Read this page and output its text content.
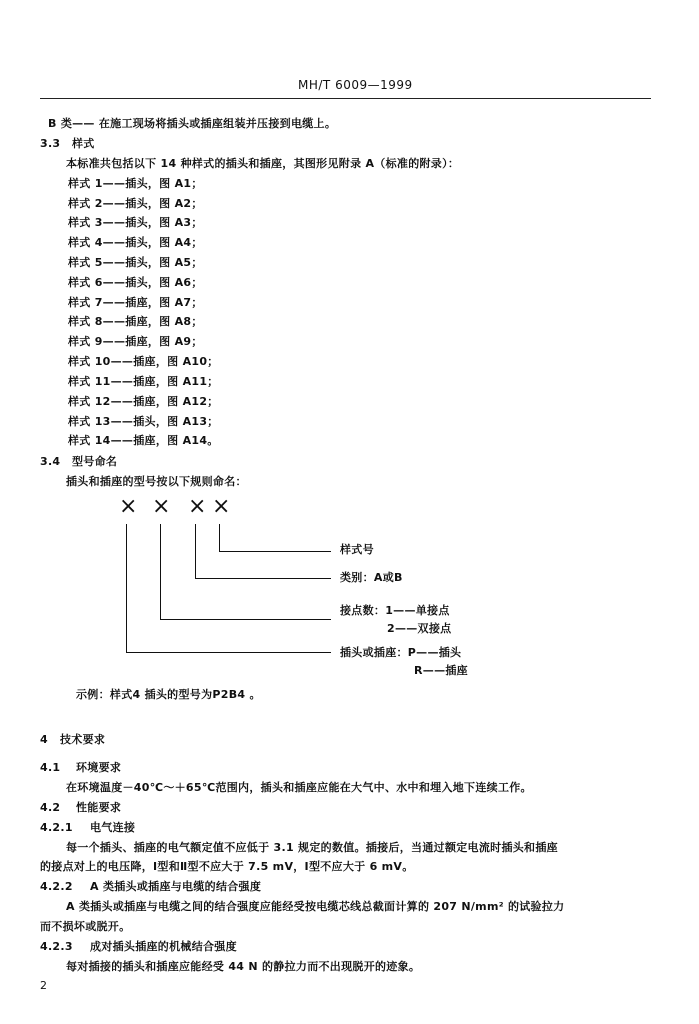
MH/T 6009—1999
B 类—— 在施工现场将插头或插座组装并压接到电缆上。
3.3 样式
本标准共包括以下 14 种样式的插头和插座，其图形见附录 A（标准的附录）：
样式 1——插头，图 A1；
样式 2——插头，图 A2；
样式 3——插头，图 A3；
样式 4——插头，图 A4；
样式 5——插头，图 A5；
样式 6——插头，图 A6；
样式 7——插座，图 A7；
样式 8——插座，图 A8；
样式 9——插座，图 A9；
样式 10——插座，图 A10；
样式 11——插座，图 A11；
样式 12——插座，图 A12；
样式 13——插头，图 A13；
样式 14——插座，图 A14。
3.4 型号命名
插头和插座的型号按以下规则命名：
× × × ×
样式号
类别：A或B
接点数：1——单接点
2——双接点
插头或插座：P——插头
R——插座
示例：样式4 插头的型号为P2B4 。
4 技术要求
4.1 环境要求
在环境温度－40℃～＋65℃范围内，插头和插座应能在大气中、水中和埋入地下连续工作。
4.2 性能要求
4.2.1 电气连接
每一个插头、插座的电气额定值不应低于 3.1 规定的数值。插接后，当通过额定电流时插头和插座
的接点对上的电压降，Ⅰ型和Ⅱ型不应大于 7.5 mV，Ⅰ型不应大于 6 mV。
4.2.2 A 类插头或插座与电缆的结合强度
A 类插头或插座与电缆之间的结合强度应能经受按电缆芯线总截面计算的 207 N/mm² 的试验拉力
而不损坏或脱开。
4.2.3 成对插头插座的机械结合强度
每对插接的插头和插座应能经受 44 N 的静拉力而不出现脱开的迹象。
2
